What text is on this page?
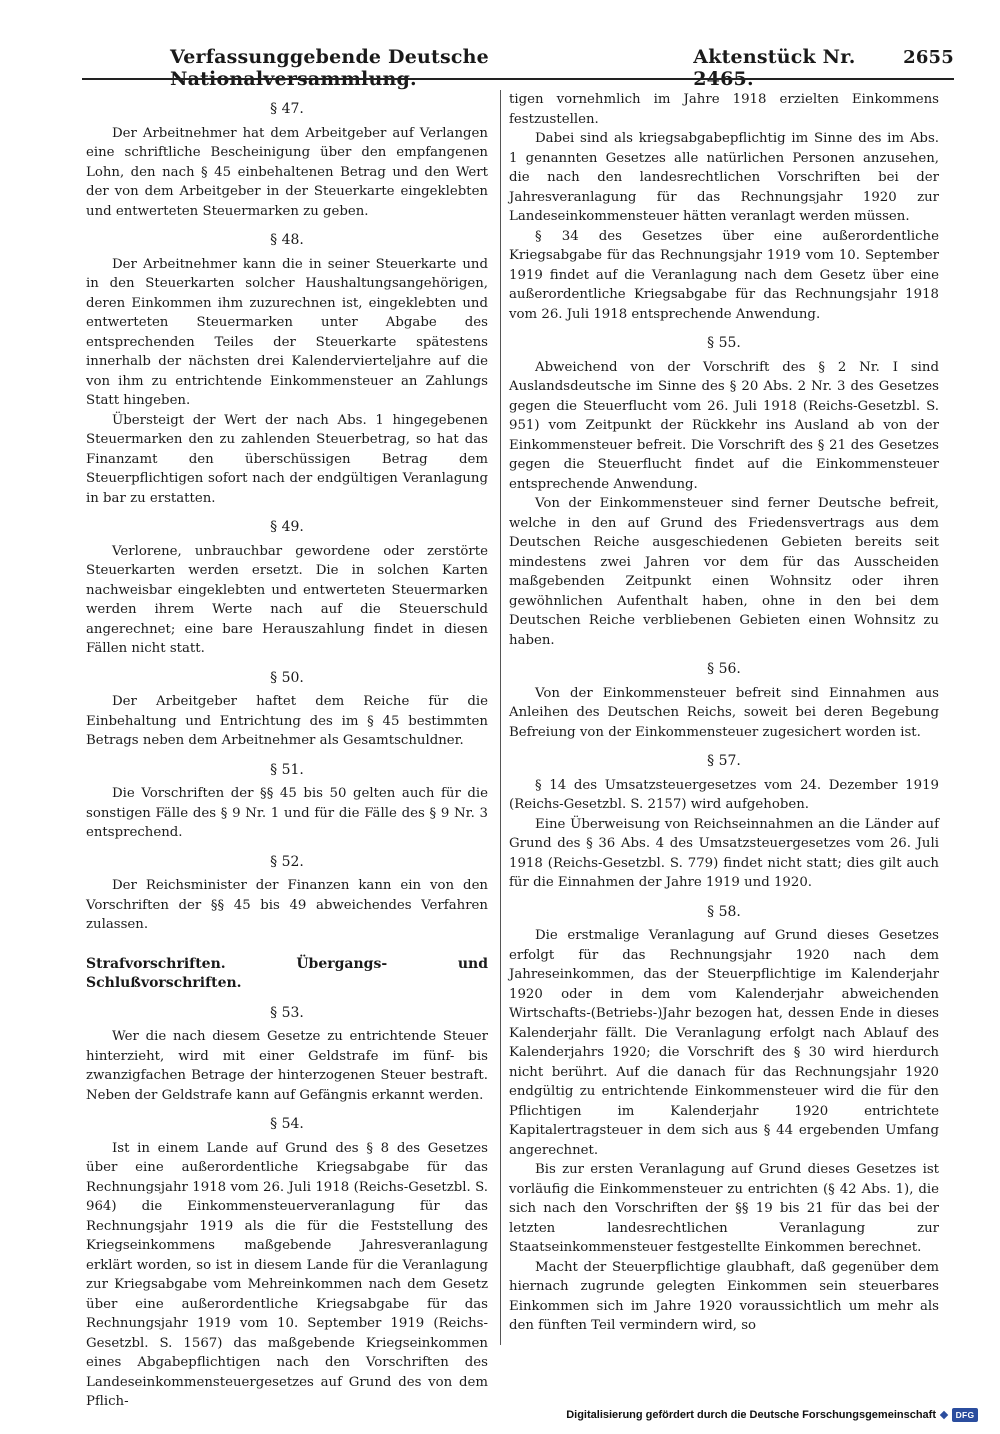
Verfassunggebende Deutsche Nationalversammlung.
Aktenstück Nr. 2465.
2655
§ 47.

Der Arbeitnehmer hat dem Arbeitgeber auf Verlangen eine schriftliche Bescheinigung über den empfangenen Lohn, den nach § 45 einbehaltenen Betrag und den Wert der von dem Arbeitgeber in der Steuerkarte eingeklebten und entwerteten Steuermarken zu geben.

§ 48.

Der Arbeitnehmer kann die in seiner Steuerkarte und in den Steuerkarten solcher Haushaltungsangehörigen, deren Einkommen ihm zuzurechnen ist, eingeklebten und entwerteten Steuermarken unter Abgabe des entsprechenden Teiles der Steuerkarte spätestens innerhalb der nächsten drei Kalendervierteljahre auf die von ihm zu entrichtende Einkommensteuer an Zahlungs Statt hingeben.

Übersteigt der Wert der nach Abs. 1 hingegebenen Steuermarken den zu zahlenden Steuerbetrag, so hat das Finanzamt den überschüssigen Betrag dem Steuerpflichtigen sofort nach der endgültigen Veranlagung in bar zu erstatten.

§ 49.

Verlorene, unbrauchbar gewordene oder zerstörte Steuerkarten werden ersetzt. Die in solchen Karten nachweisbar eingeklebten und entwerteten Steuermarken werden ihrem Werte nach auf die Steuerschuld angerechnet; eine bare Herauszahlung findet in diesen Fällen nicht statt.

§ 50.

Der Arbeitgeber haftet dem Reiche für die Einbehaltung und Entrichtung des im § 45 bestimmten Betrags neben dem Arbeitnehmer als Gesamtschuldner.

§ 51.

Die Vorschriften der §§ 45 bis 50 gelten auch für die sonstigen Fälle des § 9 Nr. 1 und für die Fälle des § 9 Nr. 3 entsprechend.

§ 52.

Der Reichsminister der Finanzen kann ein von den Vorschriften der §§ 45 bis 49 abweichendes Verfahren zulassen.

Strafvorschriften. Übergangs- und Schlußvorschriften.
§ 53.

Wer die nach diesem Gesetze zu entrichtende Steuer hinterzieht, wird mit einer Geldstrafe im fünf- bis zwanzigfachen Betrage der hinterzogenen Steuer bestraft. Neben der Geldstrafe kann auf Gefängnis erkannt werden.

§ 54.

Ist in einem Lande auf Grund des § 8 des Gesetzes über eine außerordentliche Kriegsabgabe für das Rechnungsjahr 1918 vom 26. Juli 1918 (Reichs-Gesetzbl. S. 964) die Einkommensteuerveranlagung für das Rechnungsjahr 1919 als die für die Feststellung des Kriegseinkommens maßgebende Jahresveranlagung erklärt worden, so ist in diesem Lande für die Veranlagung zur Kriegsabgabe vom Mehreinkommen nach dem Gesetz über eine außerordentliche Kriegsabgabe für das Rechnungsjahr 1919 vom 10. September 1919 (Reichs-Gesetzbl. S. 1567) das maßgebende Kriegseinkommen eines Abgabepflichtigen nach den Vorschriften des Landeseinkommensteuergesetzes auf Grund des von dem Pflich-

tigen vornehmlich im Jahre 1918 erzielten Einkommens festzustellen.

Dabei sind als kriegsabgabepflichtig im Sinne des im Abs. 1 genannten Gesetzes alle natürlichen Personen anzusehen, die nach den landesrechtlichen Vorschriften bei der Jahresveranlagung für das Rechnungsjahr 1920 zur Landeseinkommensteuer hätten veranlagt werden müssen.

§ 34 des Gesetzes über eine außerordentliche Kriegsabgabe für das Rechnungsjahr 1919 vom 10. September 1919 findet auf die Veranlagung nach dem Gesetz über eine außerordentliche Kriegsabgabe für das Rechnungsjahr 1918 vom 26. Juli 1918 entsprechende Anwendung.

§ 55.

Abweichend von der Vorschrift des § 2 Nr. I sind Auslandsdeutsche im Sinne des § 20 Abs. 2 Nr. 3 des Gesetzes gegen die Steuerflucht vom 26. Juli 1918 (Reichs-Gesetzbl. S. 951) vom Zeitpunkt der Rückkehr ins Ausland ab von der Einkommensteuer befreit. Die Vorschrift des § 21 des Gesetzes gegen die Steuerflucht findet auf die Einkommensteuer entsprechende Anwendung.

Von der Einkommensteuer sind ferner Deutsche befreit, welche in den auf Grund des Friedensvertrags aus dem Deutschen Reiche ausgeschiedenen Gebieten bereits seit mindestens zwei Jahren vor dem für das Ausscheiden maßgebenden Zeitpunkt einen Wohnsitz oder ihren gewöhnlichen Aufenthalt haben, ohne in den bei dem Deutschen Reiche verbliebenen Gebieten einen Wohnsitz zu haben.

§ 56.

Von der Einkommensteuer befreit sind Einnahmen aus Anleihen des Deutschen Reichs, soweit bei deren Begebung Befreiung von der Einkommensteuer zugesichert worden ist.

§ 57.

§ 14 des Umsatzsteuergesetzes vom 24. Dezember 1919 (Reichs-Gesetzbl. S. 2157) wird aufgehoben.

Eine Überweisung von Reichseinnahmen an die Länder auf Grund des § 36 Abs. 4 des Umsatzsteuergesetzes vom 26. Juli 1918 (Reichs-Gesetzbl. S. 779) findet nicht statt; dies gilt auch für die Einnahmen der Jahre 1919 und 1920.

§ 58.

Die erstmalige Veranlagung auf Grund dieses Gesetzes erfolgt für das Rechnungsjahr 1920 nach dem Jahreseinkommen, das der Steuerpflichtige im Kalenderjahr 1920 oder in dem vom Kalenderjahr abweichenden Wirtschafts-(Betriebs-)Jahr bezogen hat, dessen Ende in dieses Kalenderjahr fällt. Die Veranlagung erfolgt nach Ablauf des Kalenderjahrs 1920; die Vorschrift des § 30 wird hierdurch nicht berührt. Auf die danach für das Rechnungsjahr 1920 endgültig zu entrichtende Einkommensteuer wird die für den Pflichtigen im Kalenderjahr 1920 entrichtete Kapitalertragsteuer in dem sich aus § 44 ergebenden Umfang angerechnet.

Bis zur ersten Veranlagung auf Grund dieses Gesetzes ist vorläufig die Einkommensteuer zu entrichten (§ 42 Abs. 1), die sich nach den Vorschriften der §§ 19 bis 21 für das bei der letzten landesrechtlichen Veranlagung zur Staatseinkommensteuer festgestellte Einkommen berechnet.

Macht der Steuerpflichtige glaubhaft, daß gegenüber dem hiernach zugrunde gelegten Einkommen sein steuerbares Einkommen sich im Jahre 1920 voraussichtlich um mehr als den fünften Teil vermindern wird, so

Digitalisierung gefördert durch die Deutsche Forschungsgemeinschaft	DFG
